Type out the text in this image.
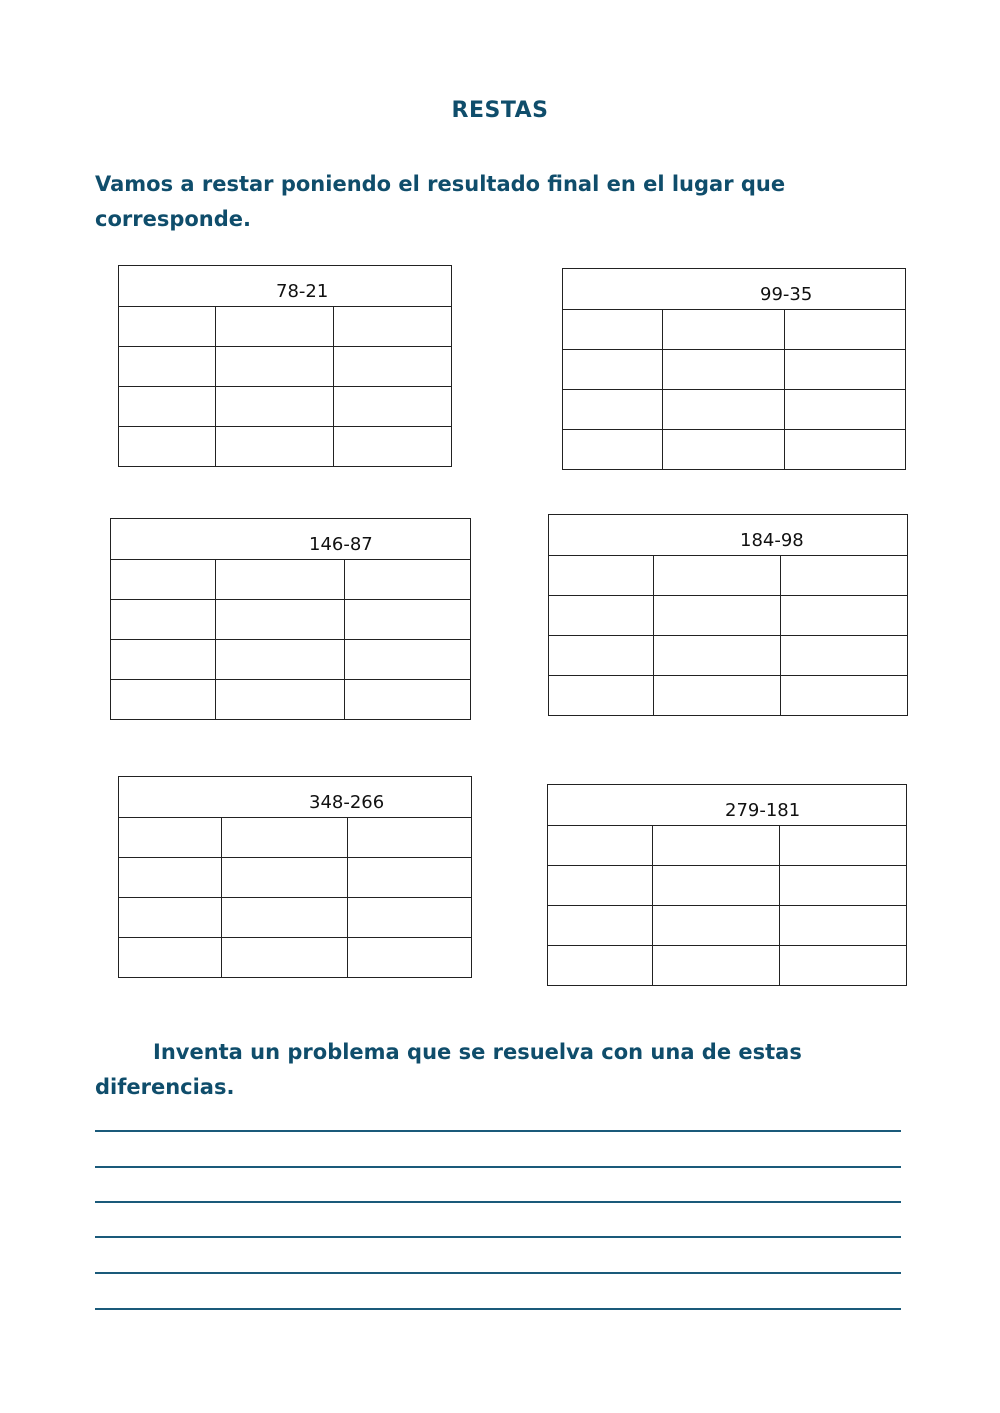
RESTAS
Vamos a restar poniendo el resultado final en el lugar que corresponde.
78-21		

			99-35		

146-87		

			184-98		

348-266		

			279-181		

Inventa un problema que se resuelva con una de estas diferencias.
